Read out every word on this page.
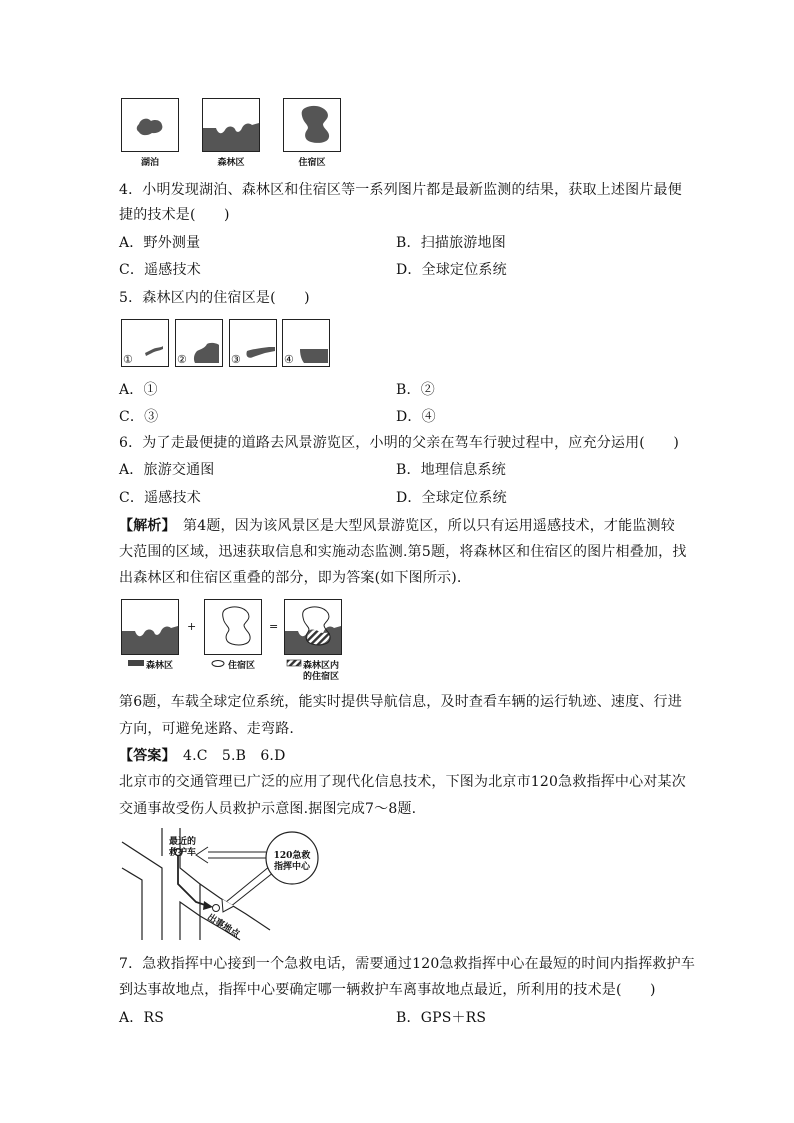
湖泊	森林区	住宿区
4．小明发现湖泊、森林区和住宿区等一系列图片都是最新监测的结果，获取上述图片最便
捷的技术是(　　)
A．野外测量	B．扫描旅游地图
C．遥感技术	D．全球定位系统
5．森林区内的住宿区是(　　)
①	②	③	④
A．①	B．②
C．③	D．④
6．为了走最便捷的道路去风景游览区，小明的父亲在驾车行驶过程中，应充分运用(　　)
A．旅游交通图	B．地理信息系统
C．遥感技术	D．全球定位系统
【解析】　第4题，因为该风景区是大型风景游览区，所以只有运用遥感技术，才能监测较
大范围的区域，迅速获取信息和实施动态监测.第5题，将森林区和住宿区的图片相叠加，找
出森林区和住宿区重叠的部分，即为答案(如下图所示).
+	=
森林区	住宿区	森林区内
的住宿区
第6题，车载全球定位系统，能实时提供导航信息，及时查看车辆的运行轨迹、速度、行进
方向，可避免迷路、走弯路.
【答案】　4.C　5.B　6.D
北京市的交通管理已广泛的应用了现代化信息技术，下图为北京市120急救指挥中心对某次
交通事故受伤人员救护示意图.据图完成7～8题.
最近的
救护车	120急救
指挥中心
出事地点
7．急救指挥中心接到一个急救电话，需要通过120急救指挥中心在最短的时间内指挥救护车
到达事故地点，指挥中心要确定哪一辆救护车离事故地点最近，所利用的技术是(　　)
A．RS	B．GPS＋RS
